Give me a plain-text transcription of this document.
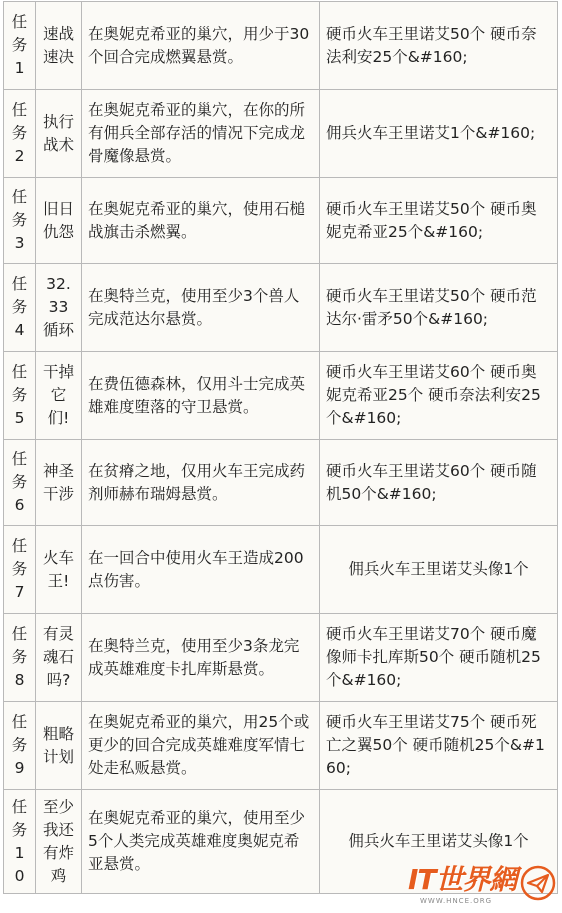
任
务
1	速战速决	在奥妮克希亚的巢穴，用少于30个回合完成燃翼悬赏。	硬币火车王里诺艾50个 硬币奈法利安25个&#160;

任
务
2	执行战术	在奥妮克希亚的巢穴，在你的所有佣兵全部存活的情况下完成龙骨魔像悬赏。	佣兵火车王里诺艾1个&#160;

任
务
3	旧日仇怨	在奥妮克希亚的巢穴，使用石槌战旗击杀燃翼。	硬币火车王里诺艾50个 硬币奥妮克希亚25个&#160;

任
务
4	32.33循环	在奥特兰克，使用至少3个兽人完成范达尔悬赏。	硬币火车王里诺艾50个 硬币范达尔·雷矛50个&#160;

任
务
5	干掉它们!	在费伍德森林，仅用斗士完成英雄难度堕落的守卫悬赏。	硬币火车王里诺艾60个 硬币奥妮克希亚25个 硬币奈法利安25个&#160;

任
务
6	神圣干涉	在贫瘠之地，仅用火车王完成药剂师赫布瑞姆悬赏。	硬币火车王里诺艾60个 硬币随机50个&#160;

任
务
7	火车王!	在一回合中使用火车王造成200点伤害。	佣兵火车王里诺艾头像1个

任
务
8	有灵魂石吗?	在奥特兰克，使用至少3条龙完成英雄难度卡扎库斯悬赏。	硬币火车王里诺艾70个 硬币魔像师卡扎库斯50个 硬币随机25个&#160;

任
务
9	粗略计划	在奥妮克希亚的巢穴，用25个或更少的回合完成英雄难度军情七处走私贩悬赏。	硬币火车王里诺艾75个 硬币死亡之翼50个 硬币随机25个&#160;

任
务
10	至少我还有炸鸡	在奥妮克希亚的巢穴，使用至少5个人类完成英雄难度奥妮克希亚悬赏。	佣兵火车王里诺艾头像1个
IT世界網
WWW.HNCE.ORG
